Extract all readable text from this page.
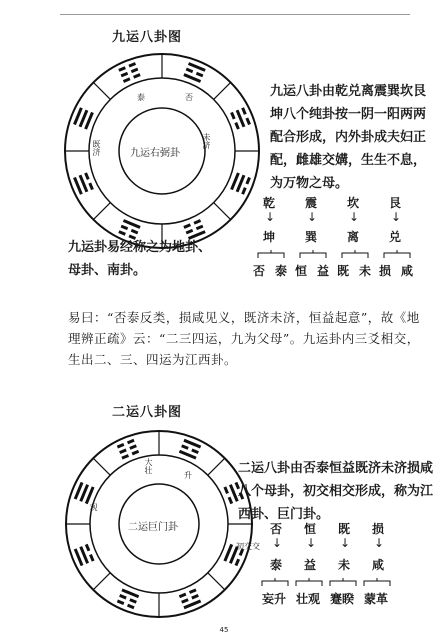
九运八卦图
九运右弼卦
泰
未济
既济
否	九运八卦由乾兑离震巽坎艮坤八个纯卦按一阴一阳两两配合形成，内外卦成夫妇正配，雌雄交媾，生生不息，为万物之母。
乾 震 坎 艮
↓	↓	↓	↓
坤 巽 离 兑
否 泰 恒 益 既 未 损 咸
九运卦易经称之为地卦、母卦、南卦。
易曰：“否泰反类，损咸见义，既济未济，恒益起意”，故《地理辨正疏》云：“二三四运，九为父母”。九运卦内三爻相交，生出二、三、四运为江西卦。
二运八卦图
二运巨门卦
大壮
升
观
二运八卦由否泰恒益既济未济损咸八个母卦，初交相交形成，称为江西卦、巨门卦。
否 恒 既 损
初交交 ↓ ↓ ↓ ↓
泰 益 未 咸
妄升 壮观 蹇睽 蒙革
45
